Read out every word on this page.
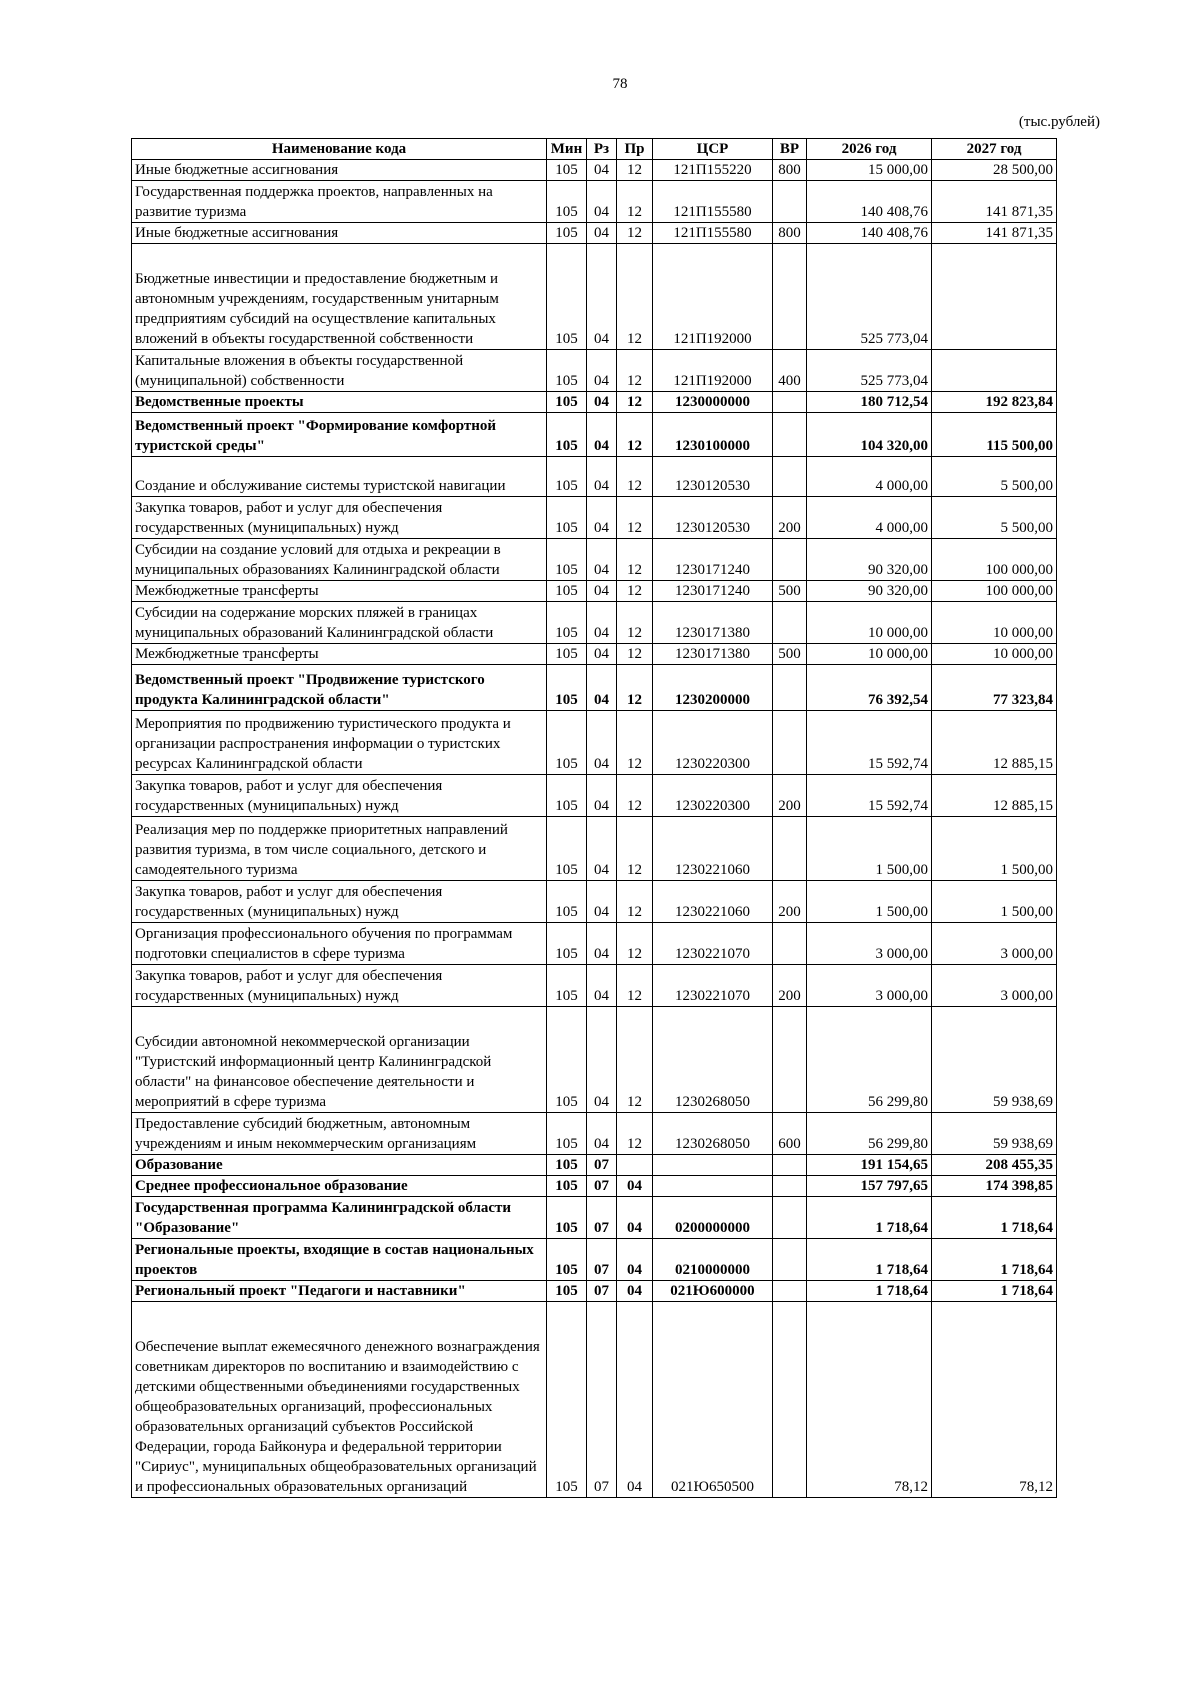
78
(тыс.рублей)
Наименование кода	Мин	Рз	Пр	ЦСР	ВР	2026 год	2027 год
Иные бюджетные ассигнования	105	04	12	121П155220	800	15 000,00	28 500,00
Государственная поддержка проектов, направленных на развитие туризма	105	04	12	121П155580		140 408,76	141 871,35
Иные бюджетные ассигнования	105	04	12	121П155580	800	140 408,76	141 871,35
Бюджетные инвестиции и предоставление бюджетным и автономным учреждениям, государственным унитарным предприятиям субсидий на осуществление капитальных вложений в объекты государственной собственности	105	04	12	121П192000		525 773,04	
Капитальные вложения в объекты государственной (муниципальной) собственности	105	04	12	121П192000	400	525 773,04	
Ведомственные проекты	105	04	12	1230000000		180 712,54	192 823,84
Ведомственный проект "Формирование комфортной туристской среды"	105	04	12	1230100000		104 320,00	115 500,00
Создание и обслуживание системы туристской навигации	105	04	12	1230120530		4 000,00	5 500,00
Закупка товаров, работ и услуг для обеспечения государственных (муниципальных) нужд	105	04	12	1230120530	200	4 000,00	5 500,00
Субсидии на создание условий для отдыха и рекреации в муниципальных образованиях Калининградской области	105	04	12	1230171240		90 320,00	100 000,00
Межбюджетные трансферты	105	04	12	1230171240	500	90 320,00	100 000,00
Субсидии на содержание морских пляжей в границах муниципальных образований Калининградской области	105	04	12	1230171380		10 000,00	10 000,00
Межбюджетные трансферты	105	04	12	1230171380	500	10 000,00	10 000,00
Ведомственный проект "Продвижение туристского продукта Калининградской области"	105	04	12	1230200000		76 392,54	77 323,84
Мероприятия по продвижению туристического продукта и организации распространения информации о туристских ресурсах Калининградской области	105	04	12	1230220300		15 592,74	12 885,15
Закупка товаров, работ и услуг для обеспечения государственных (муниципальных) нужд	105	04	12	1230220300	200	15 592,74	12 885,15
Реализация мер по поддержке приоритетных направлений развития туризма, в том числе социального, детского и самодеятельного туризма	105	04	12	1230221060		1 500,00	1 500,00
Закупка товаров, работ и услуг для обеспечения государственных (муниципальных) нужд	105	04	12	1230221060	200	1 500,00	1 500,00
Организация профессионального обучения по программам подготовки специалистов в сфере туризма	105	04	12	1230221070		3 000,00	3 000,00
Закупка товаров, работ и услуг для обеспечения государственных (муниципальных) нужд	105	04	12	1230221070	200	3 000,00	3 000,00
Субсидии автономной некоммерческой организации "Туристский информационный центр Калининградской области" на финансовое обеспечение деятельности и мероприятий в сфере туризма	105	04	12	1230268050		56 299,80	59 938,69
Предоставление субсидий бюджетным, автономным учреждениям и иным некоммерческим организациям	105	04	12	1230268050	600	56 299,80	59 938,69
Образование	105	07				191 154,65	208 455,35
Среднее профессиональное образование	105	07	04			157 797,65	174 398,85
Государственная программа Калининградской области "Образование"	105	07	04	0200000000		1 718,64	1 718,64
Региональные проекты, входящие в состав национальных проектов	105	07	04	0210000000		1 718,64	1 718,64
Региональный проект "Педагоги и наставники"	105	07	04	021Ю600000		1 718,64	1 718,64
Обеспечение выплат ежемесячного денежного вознаграждения советникам директоров по воспитанию и взаимодействию с детскими общественными объединениями государственных общеобразовательных организаций, профессиональных образовательных организаций субъектов Российской Федерации, города Байконура и федеральной территории "Сириус", муниципальных общеобразовательных организаций и профессиональных образовательных организаций	105	07	04	021Ю650500		78,12	78,12
